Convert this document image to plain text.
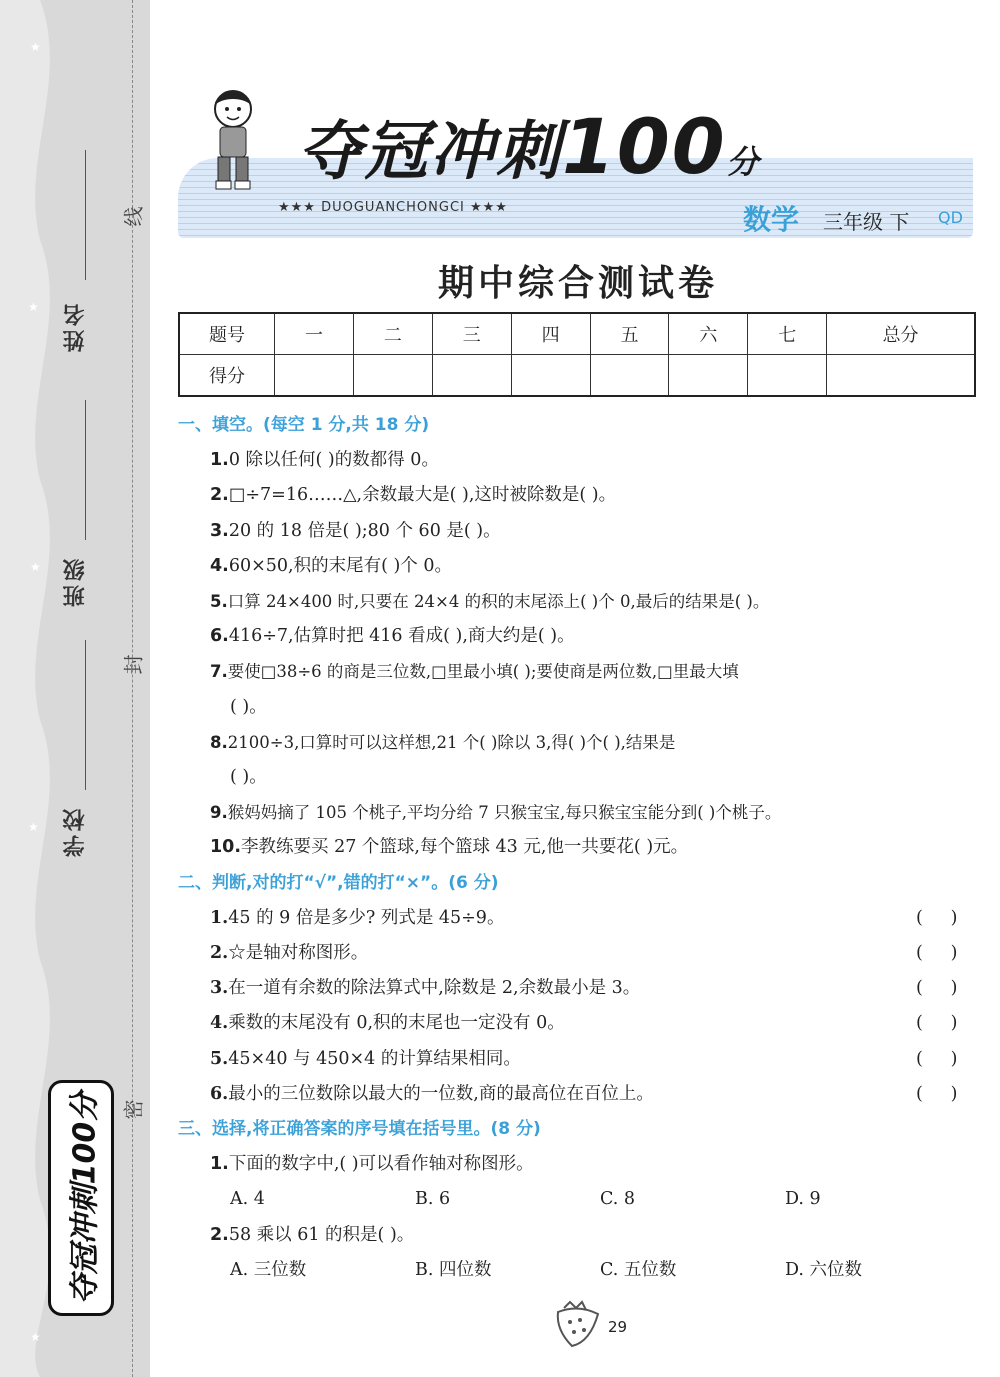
★
★
★
★
★
姓名
班级
学校
线
封
密
夺冠冲刺100分
夺冠冲刺100分
★★★ DUOGUANCHONGCI ★★★	数学 三年级 下 QD
期中综合测试卷
题号	一	二	三	四	五	六	七	总分
得分								
一、填空。(每空 1 分,共 18 分)
1.0 除以任何( )的数都得 0。
2.□÷7=16……△,余数最大是( ),这时被除数是( )。
3.20 的 18 倍是( );80 个 60 是( )。
4.60×50,积的末尾有( )个 0。
5.口算 24×400 时,只要在 24×4 的积的末尾添上( )个 0,最后的结果是( )。
6.416÷7,估算时把 416 看成( ),商大约是( )。
7.要使□38÷6 的商是三位数,□里最小填( );要使商是两位数,□里最大填
( )。
8.2100÷3,口算时可以这样想,21 个( )除以 3,得( )个( ),结果是
( )。
9.猴妈妈摘了 105 个桃子,平均分给 7 只猴宝宝,每只猴宝宝能分到( )个桃子。
10.李教练要买 27 个篮球,每个篮球 43 元,他一共要花( )元。
二、判断,对的打“√”,错的打“×”。(6 分)
1.45 的 9 倍是多少? 列式是 45÷9。	(     )
2.☆是轴对称图形。	(     )
3.在一道有余数的除法算式中,除数是 2,余数最小是 3。	(     )
4.乘数的末尾没有 0,积的末尾也一定没有 0。	(     )
5.45×40 与 450×4 的计算结果相同。	(     )
6.最小的三位数除以最大的一位数,商的最高位在百位上。	(     )
三、选择,将正确答案的序号填在括号里。(8 分)
1.下面的数字中,( )可以看作轴对称图形。
A. 4	B. 6	C. 8	D. 9
2.58 乘以 61 的积是( )。
A. 三位数	B. 四位数	C. 五位数	D. 六位数
29
